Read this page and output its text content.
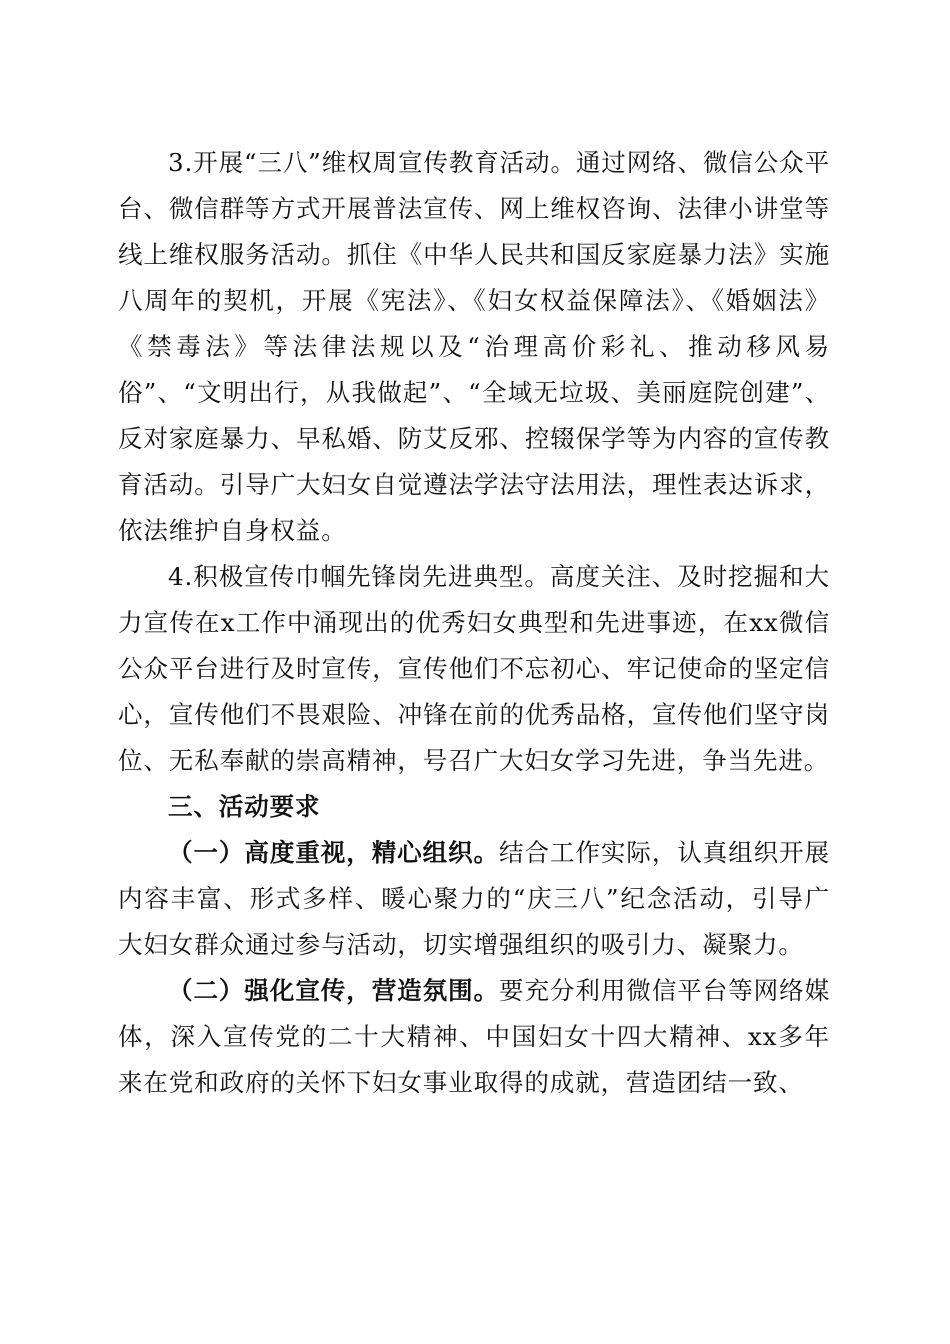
3.开展“三八”维权周宣传教育活动。通过网络、微信公众平台、微信群等方式开展普法宣传、网上维权咨询、法律小讲堂等线上维权服务活动。抓住《中华人民共和国反家庭暴力法》实施八周年的契机，开展《宪法》、《妇女权益保障法》、《婚姻法》《禁毒法》等法律法规以及“治理高价彩礼、推动移风易俗”、“文明出行，从我做起”、“全域无垃圾、美丽庭院创建”、反对家庭暴力、早私婚、防艾反邪、控辍保学等为内容的宣传教育活动。引导广大妇女自觉遵法学法守法用法，理性表达诉求，依法维护自身权益。

4.积极宣传巾帼先锋岗先进典型。高度关注、及时挖掘和大力宣传在x工作中涌现出的优秀妇女典型和先进事迹，在xx微信公众平台进行及时宣传，宣传他们不忘初心、牢记使命的坚定信心，宣传他们不畏艰险、冲锋在前的优秀品格，宣传他们坚守岗位、无私奉献的崇高精神，号召广大妇女学习先进，争当先进。

三、活动要求

（一）高度重视，精心组织。结合工作实际，认真组织开展内容丰富、形式多样、暖心聚力的“庆三八”纪念活动，引导广大妇女群众通过参与活动，切实增强组织的吸引力、凝聚力。

（二）强化宣传，营造氛围。要充分利用微信平台等网络媒体，深入宣传党的二十大精神、中国妇女十四大精神、xx多年来在党和政府的关怀下妇女事业取得的成就，营造团结一致、
